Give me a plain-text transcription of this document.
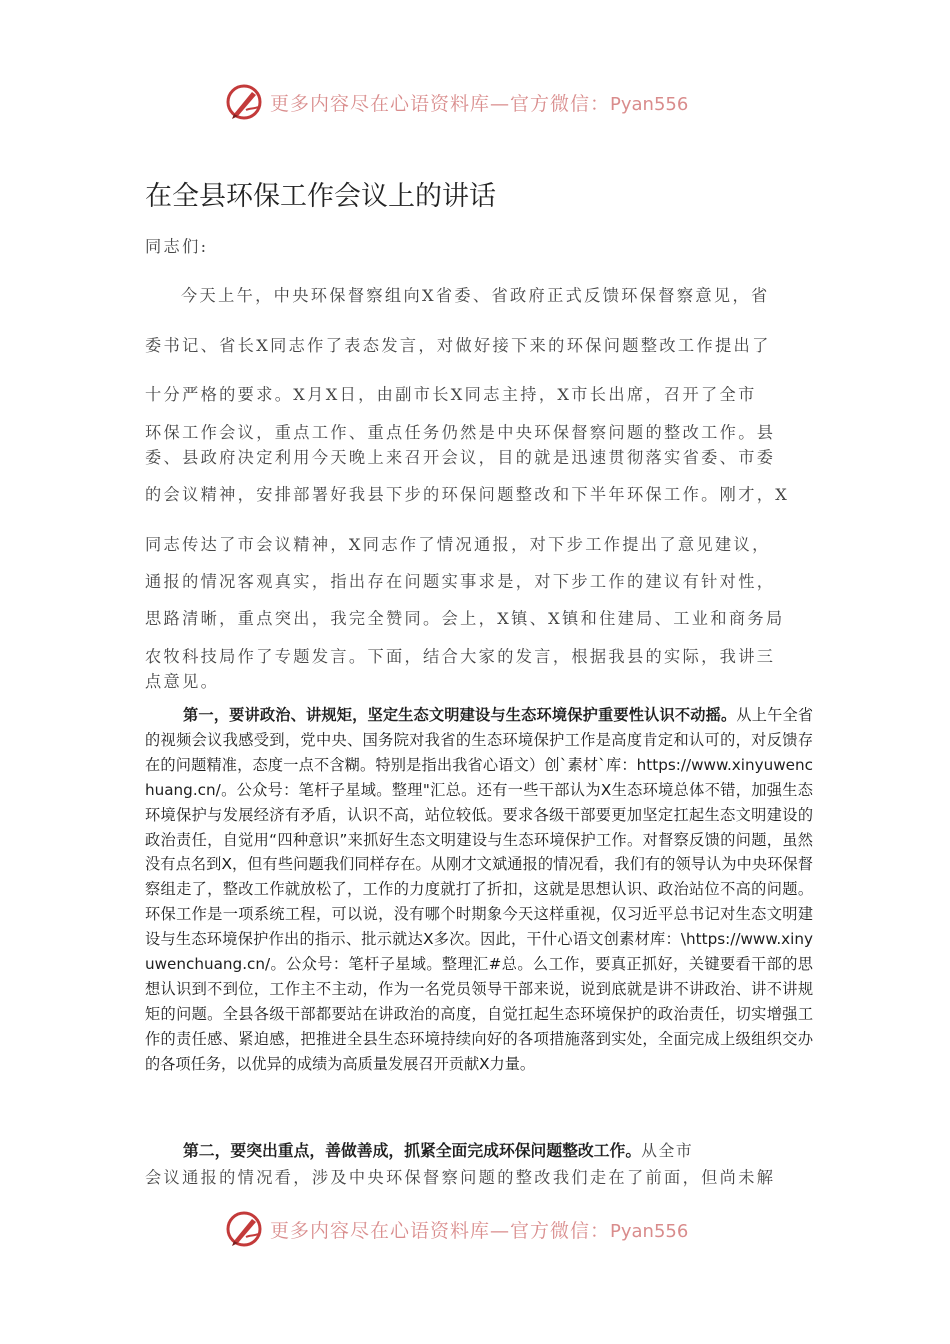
更多内容尽在心语资料库—官方微信：Pyan556
在全县环保工作会议上的讲话

同志们:

今天上午，中央环保督察组向X省委、省政府正式反馈环保督察意见，省

委书记、省长X同志作了表态发言，对做好接下来的环保问题整改工作提出了

十分严格的要求。X月X日，由副市长X同志主持，X市长出席，召开了全市

环保工作会议，重点工作、重点任务仍然是中央环保督察问题的整改工作。县

委、县政府决定利用今天晚上来召开会议，目的就是迅速贯彻落实省委、市委

的会议精神，安排部署好我县下步的环保问题整改和下半年环保工作。刚才，X

同志传达了市会议精神，X同志作了情况通报，对下步工作提出了意见建议，

通报的情况客观真实，指出存在问题实事求是，对下步工作的建议有针对性，

思路清晰，重点突出，我完全赞同。会上，X镇、X镇和住建局、工业和商务局

农牧科技局作了专题发言。下面，结合大家的发言，根据我县的实际，我讲三

点意见。

第一，要讲政治、讲规矩，坚定生态文明建设与生态环境保护重要性认识不动摇。从上午全省的视频会议我感受到，党中央、国务院对我省的生态环境保护工作是高度肯定和认可的，对反馈存在的问题精准，态度一点不含糊。特别是指出我省心语文）创`素材`库：https://www.xinyuwenchuang.cn/。公众号：笔杆子星域。整理"汇总。还有一些干部认为X生态环境总体不错，加强生态环境保护与发展经济有矛盾，认识不高，站位较低。要求各级干部要更加坚定扛起生态文明建设的政治责任，自觉用“四种意识”来抓好生态文明建设与生态环境保护工作。对督察反馈的问题，虽然没有点名到X，但有些问题我们同样存在。从刚才文斌通报的情况看，我们有的领导认为中央环保督察组走了，整改工作就放松了，工作的力度就打了折扣，这就是思想认识、政治站位不高的问题。环保工作是一项系统工程，可以说，没有哪个时期象今天这样重视，仅习近平总书记对生态文明建设与生态环境保护作出的指示、批示就达X多次。因此，干什心语文创素材库：\https://www.xinyuwenchuang.cn/。公众号：笔杆子星域。整理汇#总。么工作，要真正抓好，关键要看干部的思想认识到不到位，工作主不主动，作为一名党员领导干部来说，说到底就是讲不讲政治、讲不讲规矩的问题。全县各级干部都要站在讲政治的高度，自觉扛起生态环境保护的政治责任，切实增强工作的责任感、紧迫感，把推进全县生态环境持续向好的各项措施落到实处，全面完成上级组织交办的各项任务，以优异的成绩为高质量发展召开贡献X力量。

第二，要突出重点，善做善成，抓紧全面完成环保问题整改工作。从全市

会议通报的情况看，涉及中央环保督察问题的整改我们走在了前面，但尚未解

更多内容尽在心语资料库—官方微信：Pyan556
